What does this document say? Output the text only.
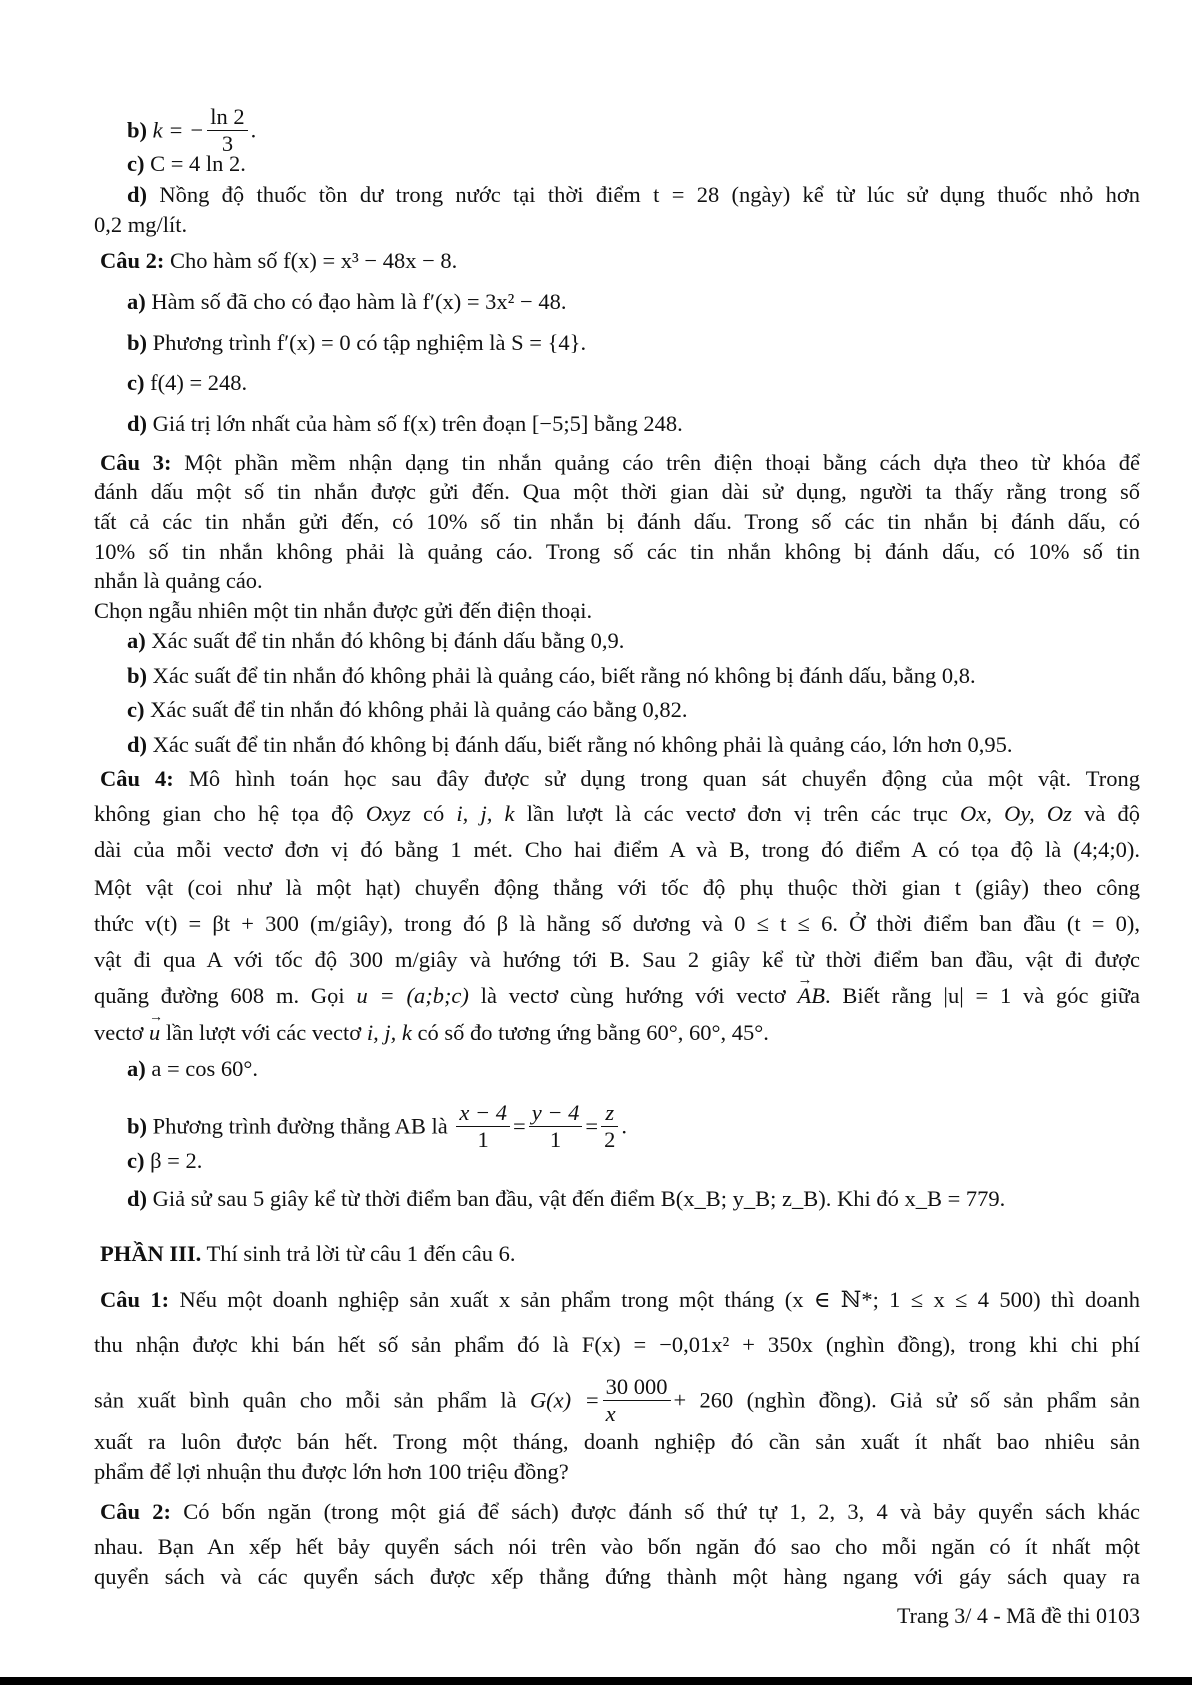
b) k = − $\frac{\ln 2}{3}$ .
c) C = 4 ln 2.
d) Nồng độ thuốc tồn dư trong nước tại thời điểm t = 28 (ngày) kể từ lúc sử dụng thuốc nhỏ hơn
0,2 mg/lít.
Câu 2: Cho hàm số f(x) = x³ − 48x − 8.
a) Hàm số đã cho có đạo hàm là f′(x) = 3x² − 48.
b) Phương trình f′(x) = 0 có tập nghiệm là S = {4}.
c) f(4) = 248.
d) Giá trị lớn nhất của hàm số f(x) trên đoạn [−5;5] bằng 248.
Câu 3: Một phần mềm nhận dạng tin nhắn quảng cáo trên điện thoại bằng cách dựa theo từ khóa để
đánh dấu một số tin nhắn được gửi đến. Qua một thời gian dài sử dụng, người ta thấy rằng trong số
tất cả các tin nhắn gửi đến, có 10% số tin nhắn bị đánh dấu. Trong số các tin nhắn bị đánh dấu, có
10% số tin nhắn không phải là quảng cáo. Trong số các tin nhắn không bị đánh dấu, có 10% số tin
nhắn là quảng cáo.
Chọn ngẫu nhiên một tin nhắn được gửi đến điện thoại.
a) Xác suất để tin nhắn đó không bị đánh dấu bằng 0,9.
b) Xác suất để tin nhắn đó không phải là quảng cáo, biết rằng nó không bị đánh dấu, bằng 0,8.
c) Xác suất để tin nhắn đó không phải là quảng cáo bằng 0,82.
d) Xác suất để tin nhắn đó không bị đánh dấu, biết rằng nó không phải là quảng cáo, lớn hơn 0,95.
Câu 4: Mô hình toán học sau đây được sử dụng trong quan sát chuyển động của một vật. Trong
không gian cho hệ tọa độ Oxyz có i, j, k lần lượt là các vectơ đơn vị trên các trục Ox, Oy, Oz và độ
dài của mỗi vectơ đơn vị đó bằng 1 mét. Cho hai điểm A và B, trong đó điểm A có tọa độ là (4;4;0).
Một vật (coi như là một hạt) chuyển động thẳng với tốc độ phụ thuộc thời gian t (giây) theo công
thức v(t) = βt + 300 (m/giây), trong đó β là hằng số dương và 0 ≤ t ≤ 6. Ở thời điểm ban đầu (t = 0),
vật đi qua A với tốc độ 300 m/giây và hướng tới B. Sau 2 giây kể từ thời điểm ban đầu, vật đi được
quãng đường 608 m. Gọi u = (a;b;c) là vectơ cùng hướng với vectơ → AB. Biết rằng |u| = 1 và góc giữa
vectơ → u lần lượt với các vectơ i, j, k có số đo tương ứng bằng 60°, 60°, 45°.
a) a = cos 60°.
b) Phương trình đường thẳng AB là $\frac{x - 4}{1} = \frac{y - 4}{1} = \frac{z}{2}$ .
c) β = 2.
d) Giả sử sau 5 giây kể từ thời điểm ban đầu, vật đến điểm B(x_B; y_B; z_B). Khi đó x_B = 779.
PHẦN III. Thí sinh trả lời từ câu 1 đến câu 6.
Câu 1: Nếu một doanh nghiệp sản xuất x sản phẩm trong một tháng (x ∈ ℕ*; 1 ≤ x ≤ 4 500) thì doanh
thu nhận được khi bán hết số sản phẩm đó là F(x) = −0,01x² + 350x (nghìn đồng), trong khi chi phí
sản xuất bình quân cho mỗi sản phẩm là $G(x) = \frac{30 000}{x} + 260$ (nghìn đồng). Giả sử số sản phẩm sản
xuất ra luôn được bán hết. Trong một tháng, doanh nghiệp đó cần sản xuất ít nhất bao nhiêu sản
phẩm để lợi nhuận thu được lớn hơn 100 triệu đồng?
Câu 2: Có bốn ngăn (trong một giá để sách) được đánh số thứ tự 1, 2, 3, 4 và bảy quyển sách khác
nhau. Bạn An xếp hết bảy quyển sách nói trên vào bốn ngăn đó sao cho mỗi ngăn có ít nhất một
quyển sách và các quyển sách được xếp thẳng đứng thành một hàng ngang với gáy sách quay ra
Trang 3/ 4 - Mã đề thi 0103
